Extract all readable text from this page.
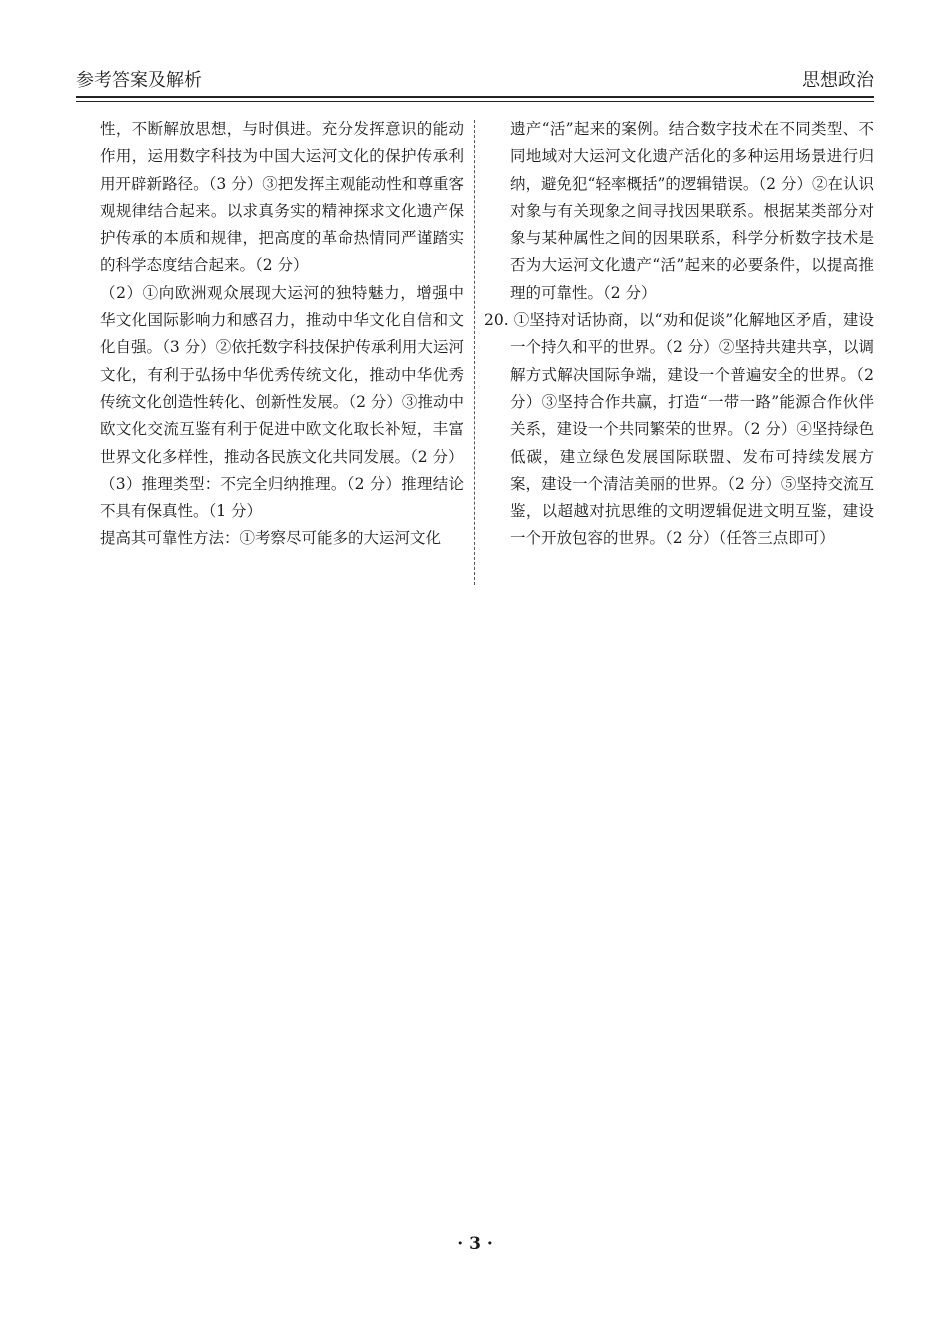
参考答案及解析	思想政治

性，不断解放思想，与时俱进。充分发挥意识的能动作用，运用数字科技为中国大运河文化的保护传承利用开辟新路径。（3 分）③把发挥主观能动性和尊重客观规律结合起来。以求真务实的精神探求文化遗产保护传承的本质和规律，把高度的革命热情同严谨踏实的科学态度结合起来。（2 分）

（2）①向欧洲观众展现大运河的独特魅力，增强中华文化国际影响力和感召力，推动中华文化自信和文化自强。（3 分）②依托数字科技保护传承利用大运河文化，有利于弘扬中华优秀传统文化，推动中华优秀传统文化创造性转化、创新性发展。（2 分）③推动中欧文化交流互鉴有利于促进中欧文化取长补短，丰富世界文化多样性，推动各民族文化共同发展。（2 分）

（3）推理类型：不完全归纳推理。（2 分）推理结论不具有保真性。（1 分）

提高其可靠性方法：①考察尽可能多的大运河文化

遗产“活”起来的案例。结合数字技术在不同类型、不同地域对大运河文化遗产活化的多种运用场景进行归纳，避免犯“轻率概括”的逻辑错误。（2 分）②在认识对象与有关现象之间寻找因果联系。根据某类部分对象与某种属性之间的因果联系，科学分析数字技术是否为大运河文化遗产“活”起来的必要条件，以提高推理的可靠性。（2 分）

20. ①坚持对话协商，以“劝和促谈”化解地区矛盾，建设一个持久和平的世界。（2 分）②坚持共建共享，以调解方式解决国际争端，建设一个普遍安全的世界。（2 分）③坚持合作共赢，打造“一带一路”能源合作伙伴关系，建设一个共同繁荣的世界。（2 分）④坚持绿色低碳，建立绿色发展国际联盟、发布可持续发展方案，建设一个清洁美丽的世界。（2 分）⑤坚持交流互鉴，以超越对抗思维的文明逻辑促进文明互鉴，建设一个开放包容的世界。（2 分）（任答三点即可）

· 3 ·
